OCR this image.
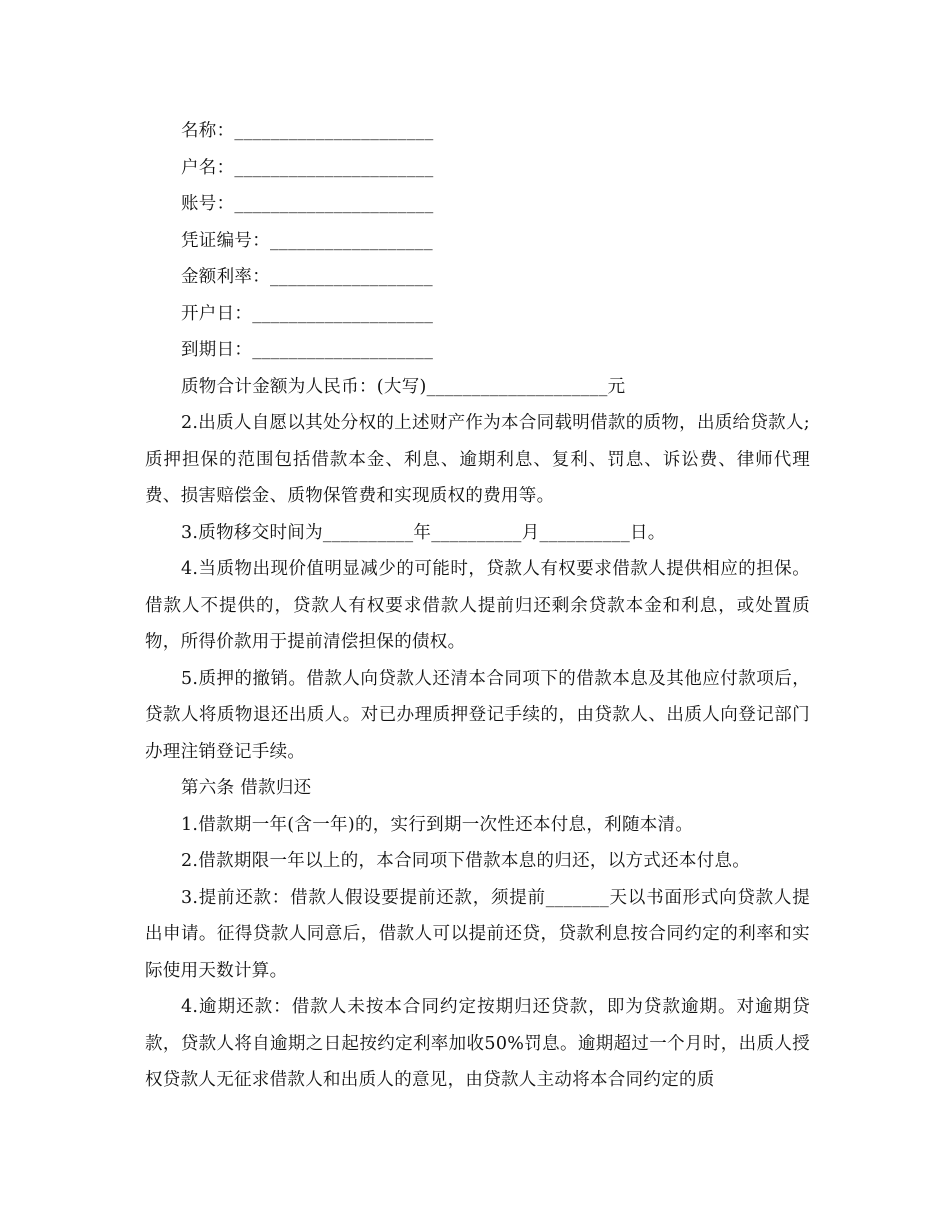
名称：______________________
户名：______________________
账号：______________________
凭证编号：__________________
金额利率：__________________
开户日：____________________
到期日：____________________
质物合计金额为人民币：(大写)____________________元

2.出质人自愿以其处分权的上述财产作为本合同载明借款的质物，出质给贷款人;质押担保的范围包括借款本金、利息、逾期利息、复利、罚息、诉讼费、律师代理费、损害赔偿金、质物保管费和实现质权的费用等。

3.质物移交时间为__________年__________月__________日。

4.当质物出现价值明显减少的可能时，贷款人有权要求借款人提供相应的担保。借款人不提供的，贷款人有权要求借款人提前归还剩余贷款本金和利息，或处置质物，所得价款用于提前清偿担保的债权。

5.质押的撤销。借款人向贷款人还清本合同项下的借款本息及其他应付款项后，贷款人将质物退还出质人。对已办理质押登记手续的，由贷款人、出质人向登记部门办理注销登记手续。

第六条 借款归还

1.借款期一年(含一年)的，实行到期一次性还本付息，利随本清。

2.借款期限一年以上的，本合同项下借款本息的归还，以方式还本付息。

3.提前还款：借款人假设要提前还款，须提前_______天以书面形式向贷款人提出申请。征得贷款人同意后，借款人可以提前还贷，贷款利息按合同约定的利率和实际使用天数计算。

4.逾期还款：借款人未按本合同约定按期归还贷款，即为贷款逾期。对逾期贷款，贷款人将自逾期之日起按约定利率加收50%罚息。逾期超过一个月时，出质人授权贷款人无征求借款人和出质人的意见，由贷款人主动将本合同约定的质
